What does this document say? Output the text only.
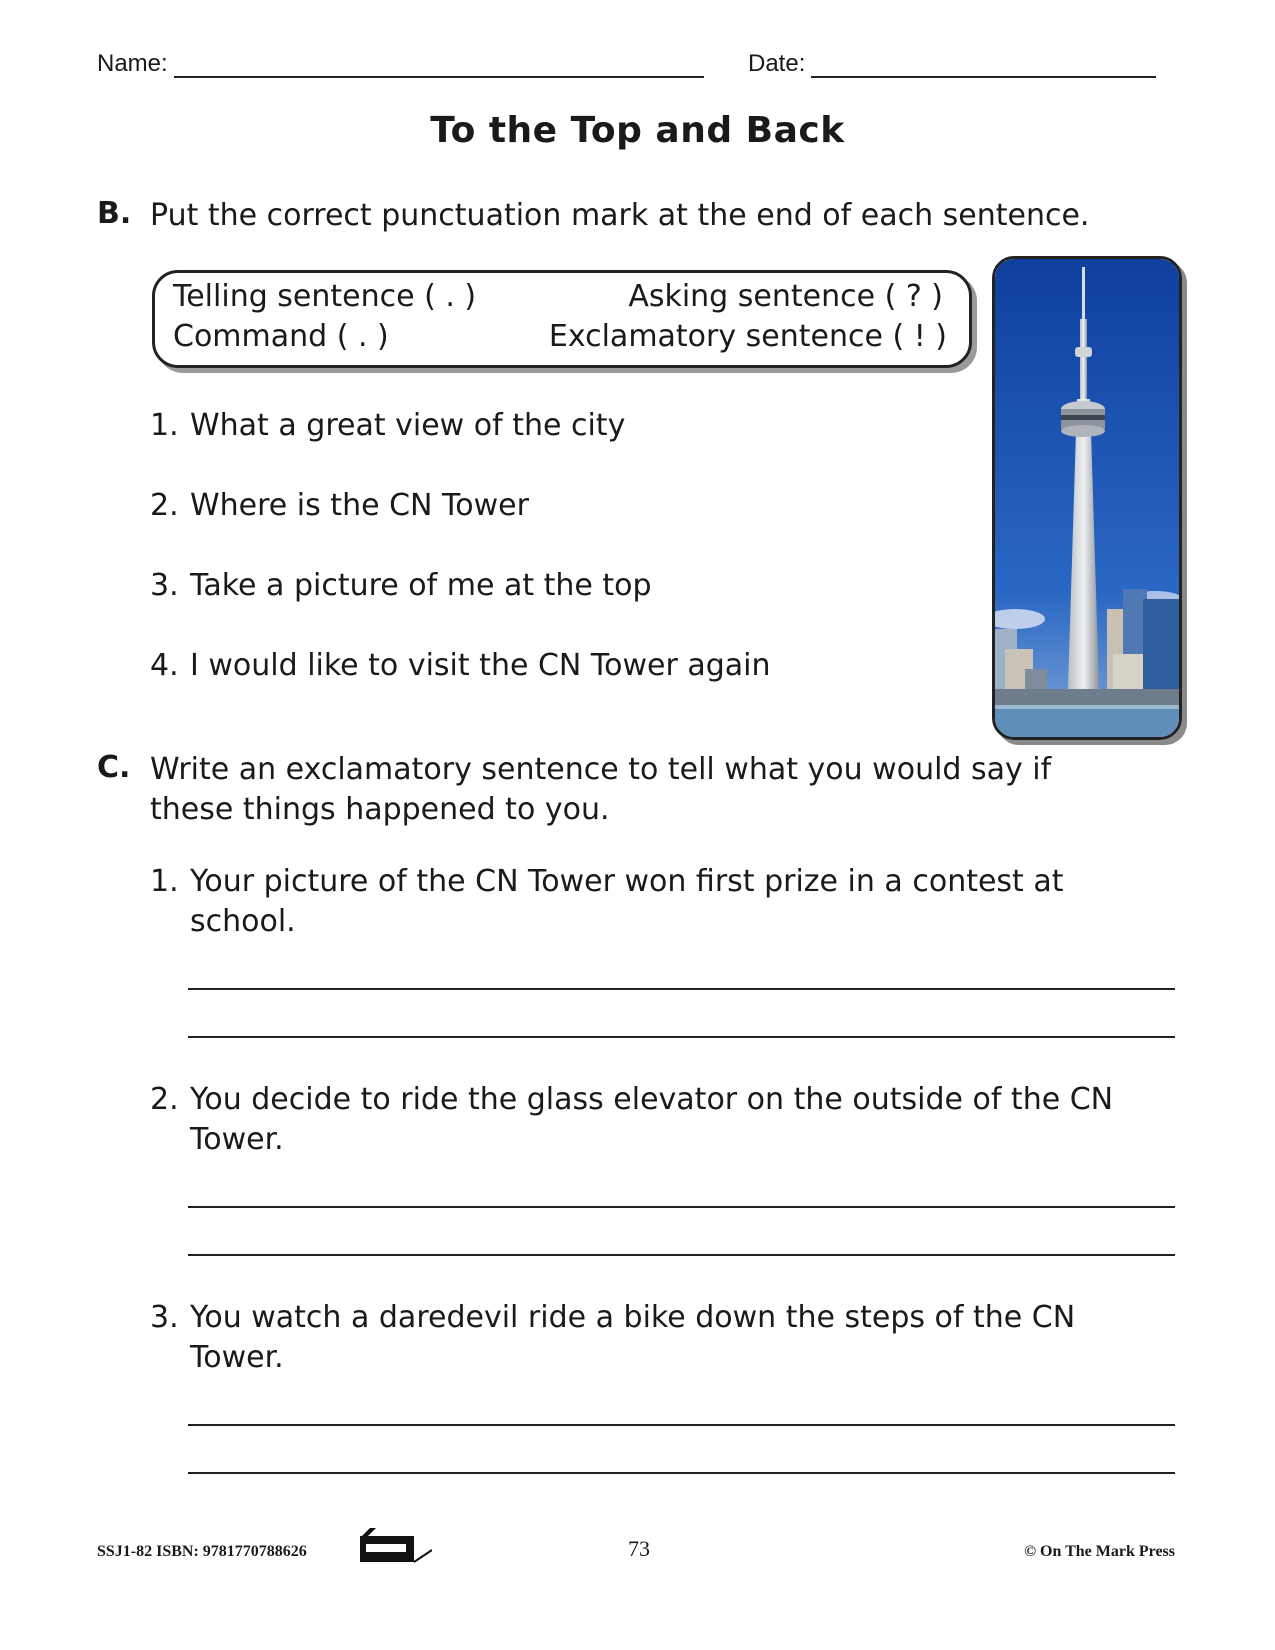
Name:	Date:
To the Top and Back
B. Put the correct punctuation mark at the end of each sentence.
Telling sentence ( . )	Asking sentence ( ? )
Command ( . )	Exclamatory sentence ( ! )
1. What a great view of the city
2. Where is the CN Tower
3. Take a picture of me at the top
4. I would like to visit the CN Tower again
C. Write an exclamatory sentence to tell what you would say if
these things happened to you.
1. Your picture of the CN Tower won first prize in a contest at school.
2. You decide to ride the glass elevator on the outside of the CN Tower.
3. You watch a daredevil ride a bike down the steps of the CN Tower.
SSJ1-82 ISBN: 9781770788626	73	© On The Mark Press
